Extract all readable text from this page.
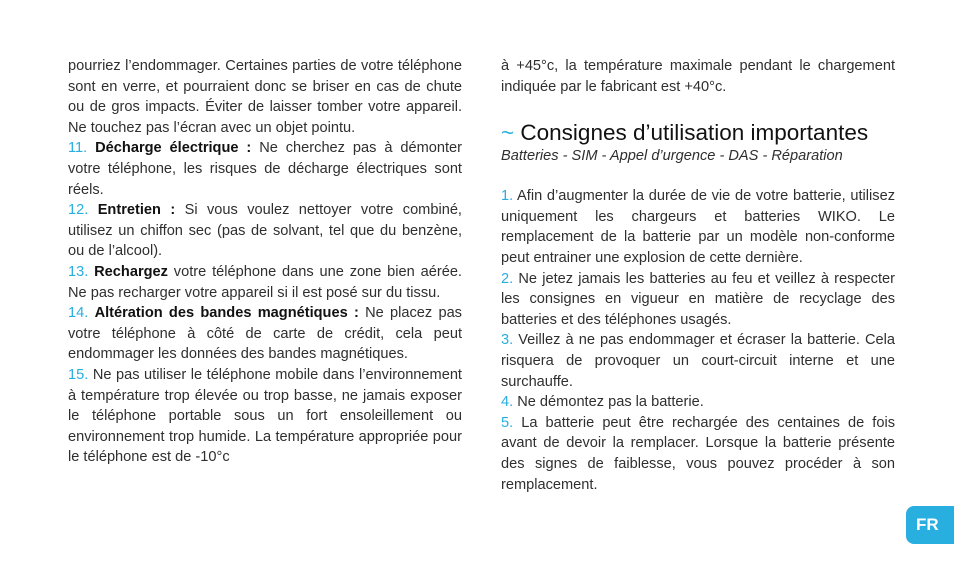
pourriez l’endommager. Certaines parties de votre téléphone sont en verre, et pourraient donc se briser en cas de chute ou de gros impacts. Éviter de laisser tomber votre appareil. Ne touchez pas l’écran avec un objet pointu.

11. Décharge électrique : Ne cherchez pas à démonter votre téléphone, les risques de décharge électriques sont réels.

12. Entretien : Si vous voulez nettoyer votre combiné, utilisez un chiffon sec (pas de solvant, tel que du benzène, ou de l’alcool).

13. Rechargez votre téléphone dans une zone bien aérée. Ne pas recharger votre appareil si il est posé sur du tissu.

14. Altération des bandes magnétiques : Ne placez pas votre téléphone à côté de carte de crédit, cela peut endommager les données des bandes magnétiques.

15. Ne pas utiliser le téléphone mobile dans l’environnement à température trop élevée ou trop basse, ne jamais exposer le téléphone portable sous un fort ensoleillement ou environnement trop humide. La température appropriée pour le téléphone est de -10°c

à +45°c, la température maximale pendant le chargement indiquée par le fabricant est +40°c.

~ Consignes d’utilisation importantes
Batteries - SIM - Appel d’urgence - DAS - Réparation

1. Afin d’augmenter la durée de vie de votre batterie, utilisez uniquement les chargeurs et batteries WIKO. Le remplacement de la batterie par un modèle non-conforme peut entrainer une explosion de cette dernière.

2. Ne jetez jamais les batteries au feu et veillez à respecter les consignes en vigueur en matière de recyclage des batteries et des téléphones usagés.

3. Veillez à ne pas endommager et écraser la batterie. Cela risquera de provoquer un court-circuit interne et une surchauffe.

4. Ne démontez pas la batterie.

5. La batterie peut être rechargée des centaines de fois avant de devoir la remplacer. Lorsque la batterie présente des signes de faiblesse, vous pouvez procéder à son remplacement.

FR
